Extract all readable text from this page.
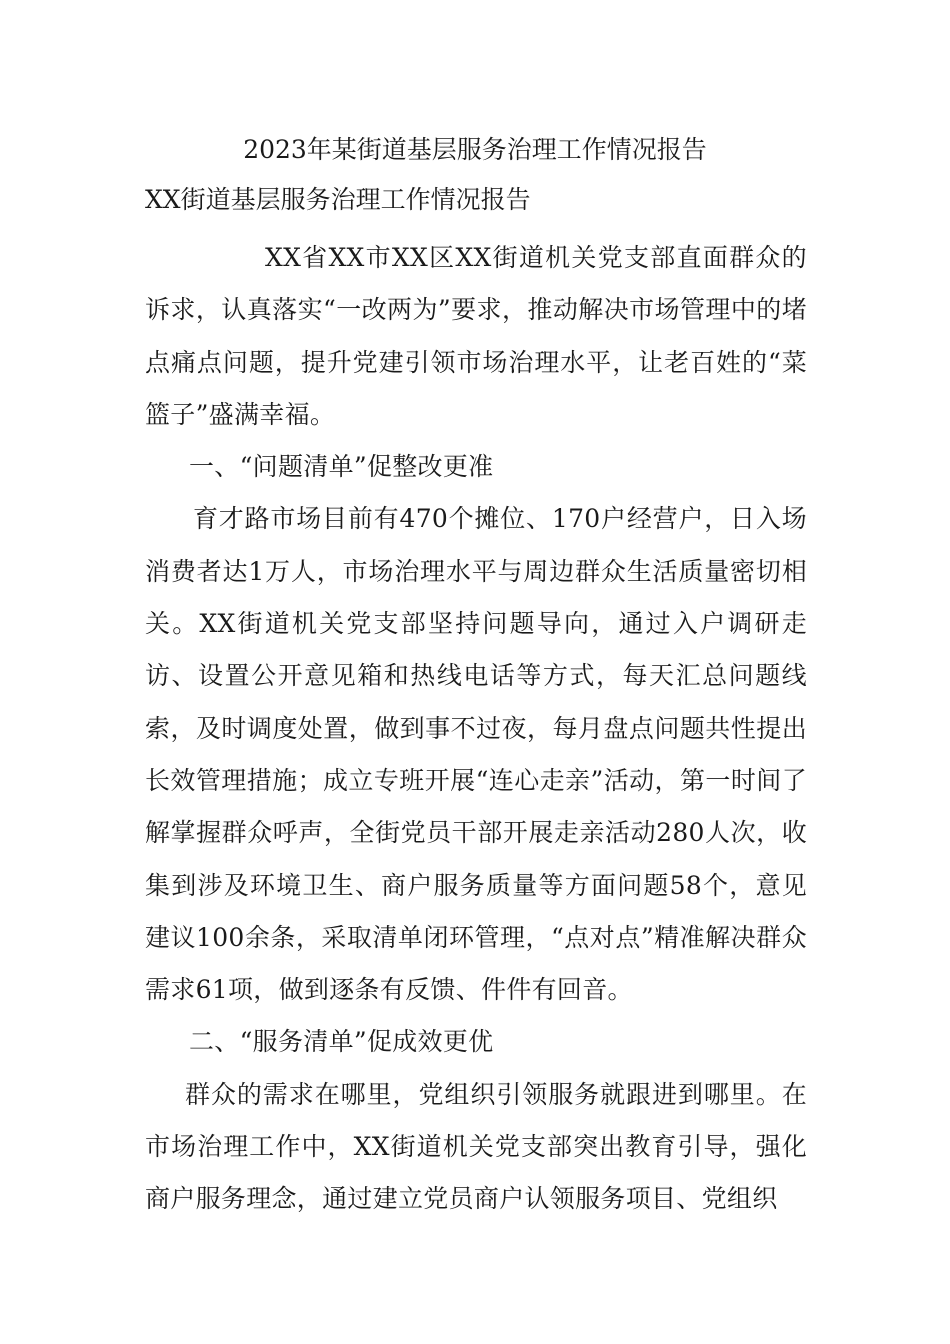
2023年某街道基层服务治理工作情况报告
XX街道基层服务治理工作情况报告

XX省XX市XX区XX街道机关党支部直面群众的诉求，认真落实“一改两为”要求，推动解决市场管理中的堵点痛点问题，提升党建引领市场治理水平，让老百姓的“菜篮子”盛满幸福。

一、“问题清单”促整改更准

育才路市场目前有470个摊位、170户经营户，日入场消费者达1万人，市场治理水平与周边群众生活质量密切相关。XX街道机关党支部坚持问题导向，通过入户调研走访、设置公开意见箱和热线电话等方式，每天汇总问题线索，及时调度处置，做到事不过夜，每月盘点问题共性提出长效管理措施；成立专班开展“连心走亲”活动，第一时间了解掌握群众呼声，全街党员干部开展走亲活动280人次，收集到涉及环境卫生、商户服务质量等方面问题58个，意见建议100余条，采取清单闭环管理，“点对点”精准解决群众需求61项，做到逐条有反馈、件件有回音。

二、“服务清单”促成效更优

群众的需求在哪里，党组织引领服务就跟进到哪里。在市场治理工作中，XX街道机关党支部突出教育引导，强化商户服务理念，通过建立党员商户认领服务项目、党组织
